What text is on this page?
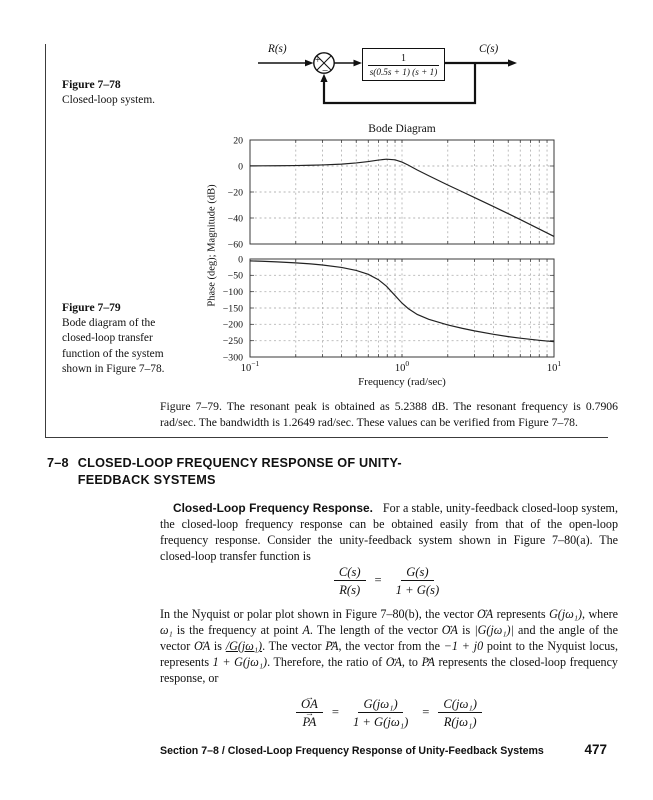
Figure 7–78
Closed-loop system.
R(s)	C(s)
+
−
1
s(0.5s + 1) (s + 1)
Bode Diagram
20
0
−20
−40
−60
0
−50
−100
−150
−200
−250
−300
$10^{-1}$	$10^0$	$10^1$
Frequency (rad/sec)
Phase (deg); Magnitude (dB)
Figure 7–79
Bode diagram of the closed-loop transfer function of the system shown in Figure 7–78.
Figure 7–79. The resonant peak is obtained as 5.2388 dB. The resonant frequency is 0.7906 rad/sec. The bandwidth is 1.2649 rad/sec. These values can be verified from Figure 7–78.
7–8 CLOSED-LOOP FREQUENCY RESPONSE OF UNITY-
FEEDBACK SYSTEMS
Closed-Loop Frequency Response. For a stable, unity-feedback closed-loop system, the closed-loop frequency response can be obtained easily from that of the open-loop frequency response. Consider the unity-feedback system shown in Figure 7–80(a). The closed-loop transfer function is
$\frac{C(s)}{R(s)} = \frac{G(s)}{1 + G(s)}$
In the Nyquist or polar plot shown in Figure 7–80(b), the vector OA → represents G(jω₁), where ω₁ is the frequency at point A. The length of the vector OA → is |G(jω₁)| and the angle of the vector OA → is /G(jω₁). The vector PA →, the vector from the −1 + j0 point to the Nyquist locus, represents 1 + G(jω₁). Therefore, the ratio of OA →, to PA → represents the closed-loop frequency response, or
$\frac{OA \to}{PA}$ → = $\frac{\text{G(jω₁)}}{\text{1 + G(jω₁)}} = \frac{\text{C(jω₁)}}{\text{R(jω₁)}}$
Section 7–8 / Closed-Loop Frequency Response of Unity-Feedback Systems	477
